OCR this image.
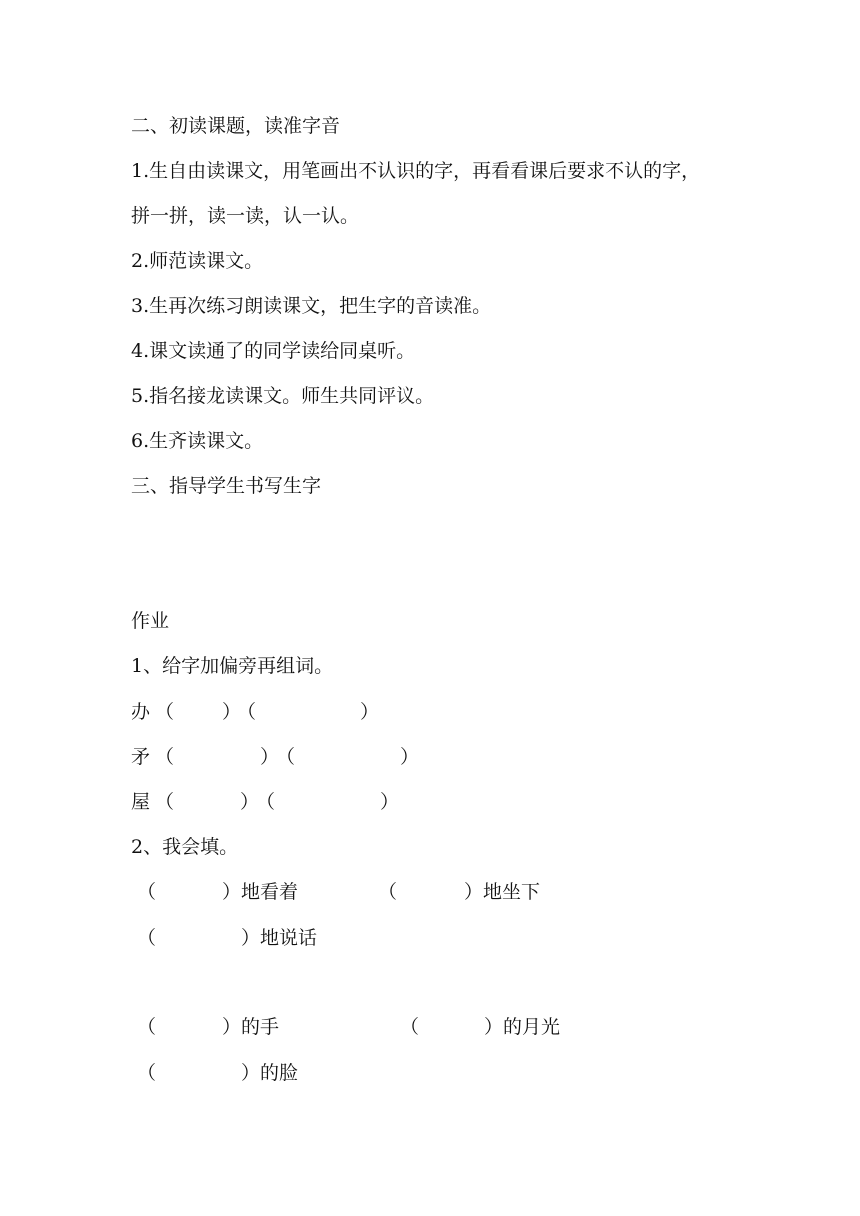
二、初读课题，读准字音

1.生自由读课文，用笔画出不认识的字，再看看课后要求不认的字，

拼一拼，读一读，认一认。

2.师范读课文。

3.生再次练习朗读课文，把生字的音读准。

4.课文读通了的同学读给同桌听。

5.指名接龙读课文。师生共同评议。

6.生齐读课文。

三、指导学生书写生字

作业

1、给字加偏旁再组词。

办 （	）
（	）
矛 （	）
（	）
屋 （	）
（	）

2、我会填。

（	） 地看着	（	） 地坐下
（	） 地说话
（	） 的手	（	） 的月光
（	） 的脸
